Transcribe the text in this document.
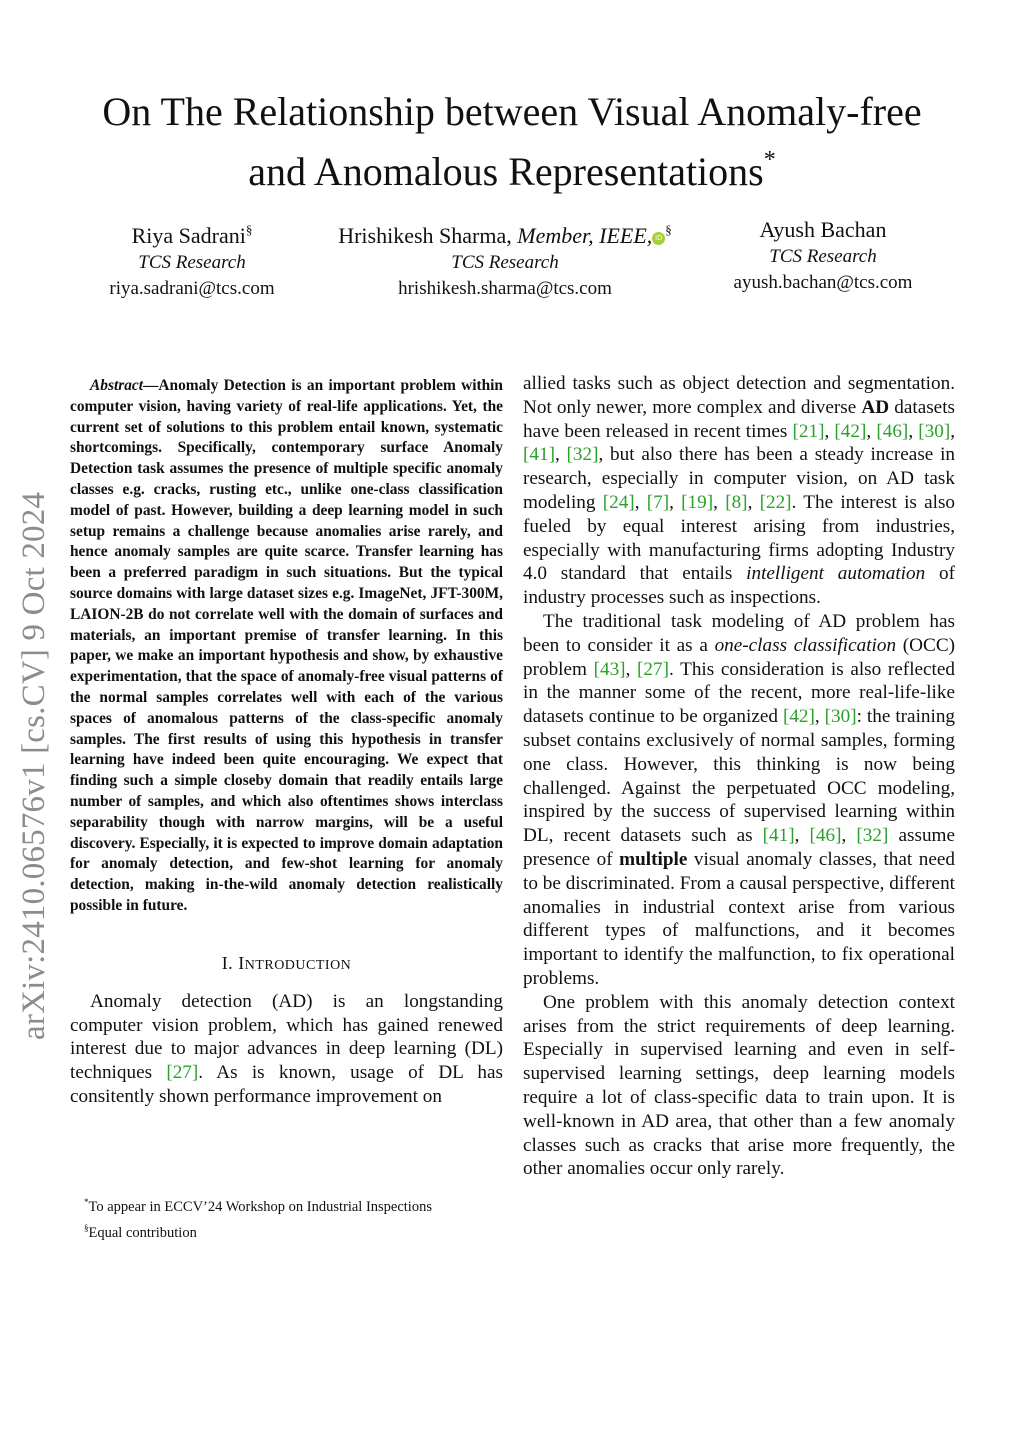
arXiv:2410.06576v1 [cs.CV] 9 Oct 2024
On The Relationship between Visual Anomaly-free
and Anomalous Representations*
Riya Sadrani§
TCS Research
riya.sadrani@tcs.com
Hrishikesh Sharma, Member, IEEE, iD§
TCS Research
hrishikesh.sharma@tcs.com
Ayush Bachan
TCS Research
ayush.bachan@tcs.com

Abstract—Anomaly Detection is an important problem within computer vision, having variety of real-life applications. Yet, the current set of solutions to this problem entail known, systematic shortcomings. Specifically, contemporary surface Anomaly Detection task assumes the presence of multiple specific anomaly classes e.g. cracks, rusting etc., unlike one-class classification model of past. However, building a deep learning model in such setup remains a challenge because anomalies arise rarely, and hence anomaly samples are quite scarce. Transfer learning has been a preferred paradigm in such situations. But the typical source domains with large dataset sizes e.g. ImageNet, JFT-300M, LAION-2B do not correlate well with the domain of surfaces and materials, an important premise of transfer learning. In this paper, we make an important hypothesis and show, by exhaustive experimentation, that the space of anomaly-free visual patterns of the normal samples correlates well with each of the various spaces of anomalous patterns of the class-specific anomaly samples. The first results of using this hypothesis in transfer learning have indeed been quite encouraging. We expect that finding such a simple closeby domain that readily entails large number of samples, and which also oftentimes shows interclass separability though with narrow margins, will be a useful discovery. Especially, it is expected to improve domain adaptation for anomaly detection, and few-shot learning for anomaly detection, making in-the-wild anomaly detection realistically possible in future.

I. INTRODUCTION

Anomaly detection (AD) is an longstanding computer vision problem, which has gained renewed interest due to major advances in deep learning (DL) techniques [27]. As is known, usage of DL has consitently shown performance improvement on

*To appear in ECCV’24 Workshop on Industrial Inspections
§Equal contribution

allied tasks such as object detection and segmentation. Not only newer, more complex and diverse AD datasets have been released in recent times [21], [42], [46], [30], [41], [32], but also there has been a steady increase in research, especially in computer vision, on AD task modeling [24], [7], [19], [8], [22]. The interest is also fueled by equal interest arising from industries, especially with manufacturing firms adopting Industry 4.0 standard that entails intelligent automation of industry processes such as inspections.

The traditional task modeling of AD problem has been to consider it as a one-class classification (OCC) problem [43], [27]. This consideration is also reflected in the manner some of the recent, more real-life-like datasets continue to be organized [42], [30]: the training subset contains exclusively of normal samples, forming one class. However, this thinking is now being challenged. Against the perpetuated OCC modeling, inspired by the success of supervised learning within DL, recent datasets such as [41], [46], [32] assume presence of multiple visual anomaly classes, that need to be discriminated. From a causal perspective, different anomalies in industrial context arise from various different types of malfunctions, and it becomes important to identify the malfunction, to fix operational problems.

One problem with this anomaly detection context arises from the strict requirements of deep learning. Especially in supervised learning and even in self-supervised learning settings, deep learning models require a lot of class-specific data to train upon. It is well-known in AD area, that other than a few anomaly classes such as cracks that arise more frequently, the other anomalies occur only rarely.
